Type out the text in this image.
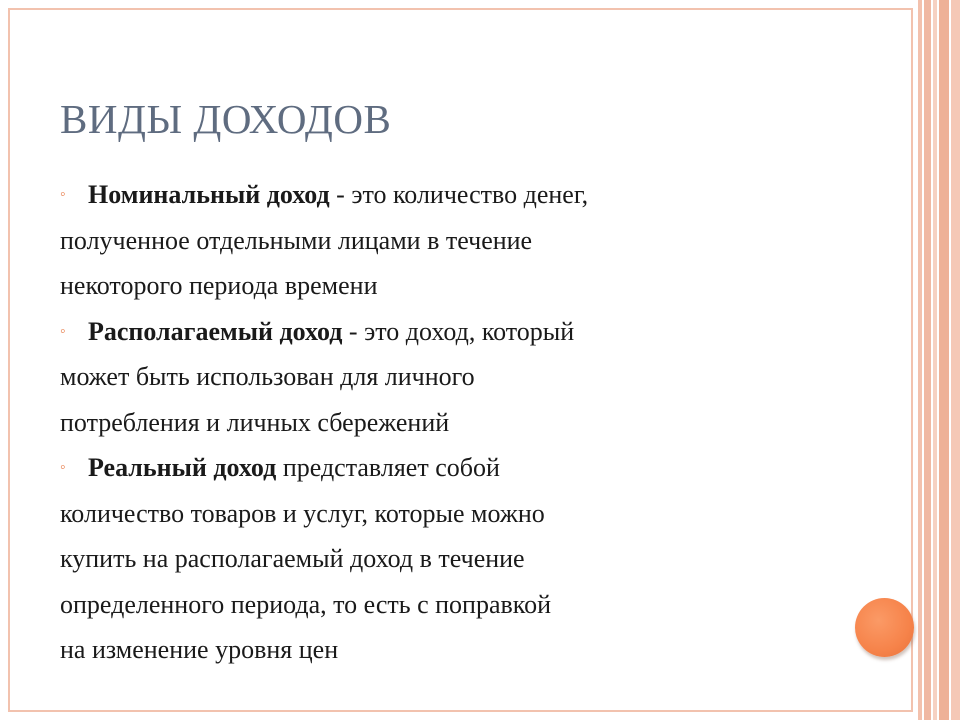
ВИДЫ ДОХОДОВ
◦ Номинальный доход - это количество денег,
полученное отдельными лицами в течение
некоторого периода времени
◦ Располагаемый доход - это доход, который
может быть использован для личного
потребления и личных сбережений
◦ Реальный доход представляет собой
количество товаров и услуг, которые можно
купить на располагаемый доход в течение
определенного периода, то есть с поправкой
на изменение уровня цен
